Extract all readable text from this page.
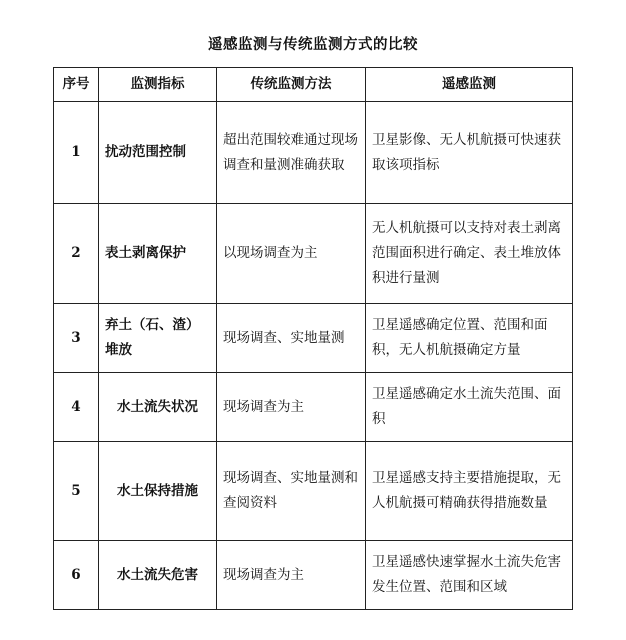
遥感监测与传统监测方式的比较
序号	监测指标	传统监测方法	遥感监测
1	扰动范围控制	超出范围较难通过现场调查和量测准确获取	卫星影像、无人机航摄可快速获取该项指标
2	表土剥离保护	以现场调查为主	无人机航摄可以支持对表土剥离范围面积进行确定、表土堆放体积进行量测
3	弃土（石、渣）堆放	现场调查、实地量测	卫星遥感确定位置、范围和面积，无人机航摄确定方量
4	水土流失状况	现场调查为主	卫星遥感确定水土流失范围、面积
5	水土保持措施	现场调查、实地量测和查阅资料	卫星遥感支持主要措施提取，无人机航摄可精确获得措施数量
6	水土流失危害	现场调查为主	卫星遥感快速掌握水土流失危害发生位置、范围和区域
